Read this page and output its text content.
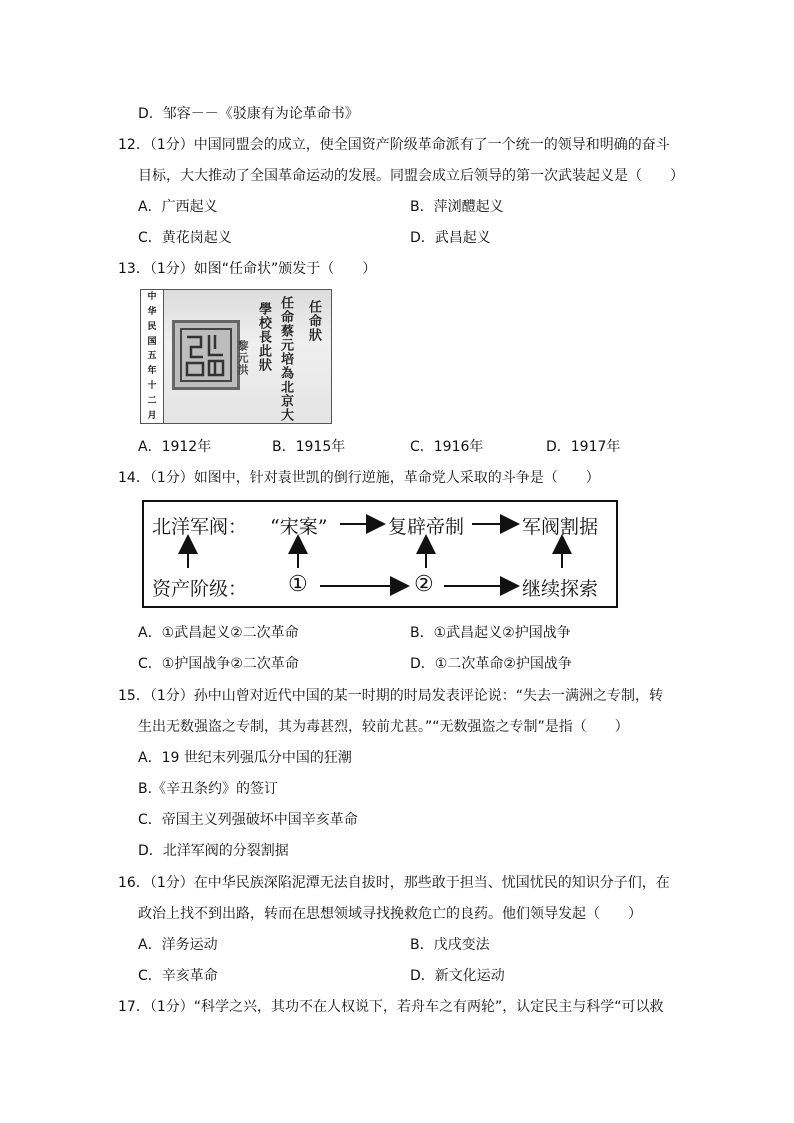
D．邹容－－《驳康有为论革命书》
12．（1分）中国同盟会的成立，使全国资产阶级革命派有了一个统一的领导和明确的奋斗
目标，大大推动了全国革命运动的发展。同盟会成立后领导的第一次武装起义是（　　）
A．广西起义	B．萍浏醴起义
C．黄花岗起义	D．武昌起义
13．（1分）如图“任命状”颁发于（　　）
中
华
民
国
五
年
十
二
月
任命狀
任命蔡元培為北京大
學校長此狀
黎元洪
A．1912年	B．1915年	C．1916年	D．1917年
14．（1分）如图中，针对袁世凯的倒行逆施，革命党人采取的斗争是（　　）
北洋军阀： “宋案”	复辟帝制	军阀割据
资产阶级： ①	②	继续探索
A．①武昌起义②二次革命	B．①武昌起义②护国战争
C．①护国战争②二次革命	D．①二次革命②护国战争
15．（1分）孙中山曾对近代中国的某一时期的时局发表评论说：“失去一满洲之专制，转
生出无数强盗之专制，其为毒甚烈，较前尤甚。”“无数强盗之专制”是指（　　）
A．19 世纪末列强瓜分中国的狂潮
B.《辛丑条约》的签订
C．帝国主义列强破坏中国辛亥革命
D．北洋军阀的分裂割据
16．（1分）在中华民族深陷泥潭无法自拔时，那些敢于担当、忧国忧民的知识分子们，在
政治上找不到出路，转而在思想领域寻找挽救危亡的良药。他们领导发起（　　）
A．洋务运动	B．戊戌变法
C．辛亥革命	D．新文化运动
17．（1分）“科学之兴，其功不在人权说下，若舟车之有两轮”，认定民主与科学“可以救
